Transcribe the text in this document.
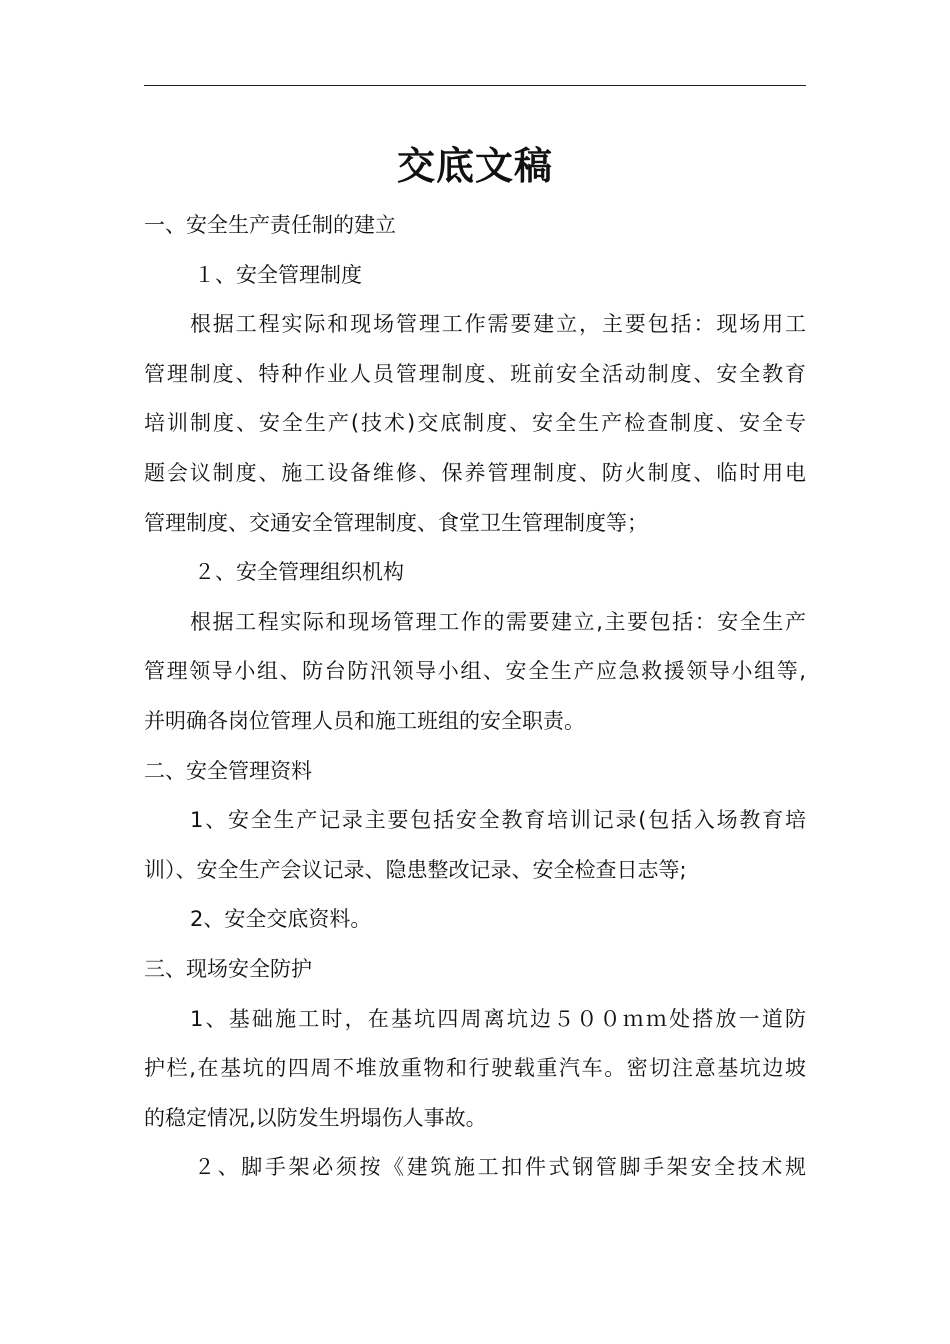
交底文稿

一、安全生产责任制的建立

１、安全管理制度

根据工程实际和现场管理工作需要建立，主要包括：现场用工

管理制度、特种作业人员管理制度、班前安全活动制度、安全教育

培训制度、安全生产(技术)交底制度、安全生产检查制度、安全专

题会议制度、施工设备维修、保养管理制度、防火制度、临时用电

管理制度、交通安全管理制度、食堂卫生管理制度等；

２、安全管理组织机构

根据工程实际和现场管理工作的需要建立,主要包括：安全生产

管理领导小组、防台防汛领导小组、安全生产应急救援领导小组等,

并明确各岗位管理人员和施工班组的安全职责。

二、安全管理资料

1、安全生产记录主要包括安全教育培训记录(包括入场教育培

训）、安全生产会议记录、隐患整改记录、安全检查日志等;

2、安全交底资料。

三、现场安全防护

1、基础施工时，在基坑四周离坑边５００ｍｍ处搭放一道防

护栏,在基坑的四周不堆放重物和行驶载重汽车。密切注意基坑边坡

的稳定情况,以防发生坍塌伤人事故。

２、脚手架必须按《建筑施工扣件式钢管脚手架安全技术规
